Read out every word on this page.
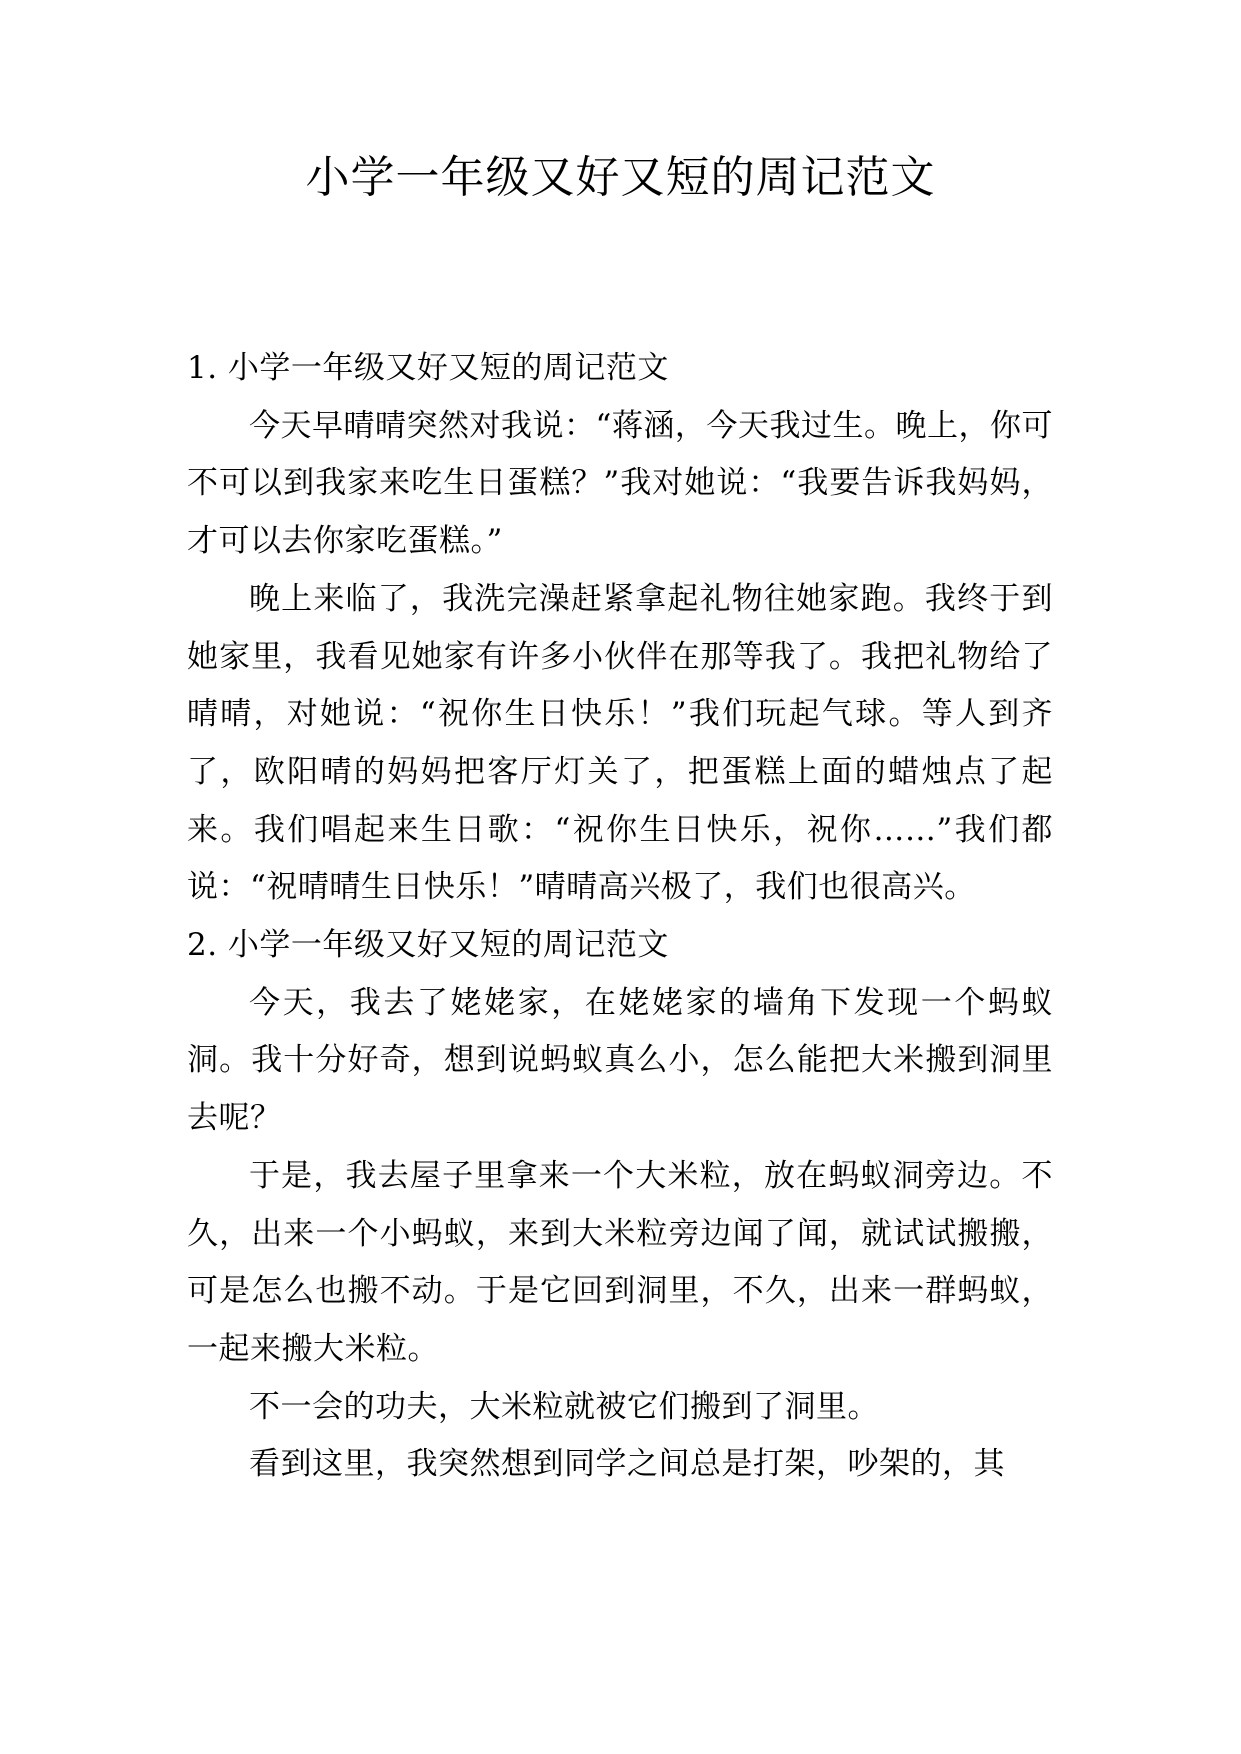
小学一年级又好又短的周记范文

1. 小学一年级又好又短的周记范文

今天早晴晴突然对我说：“蒋涵，今天我过生。晚上，你可不可以到我家来吃生日蛋糕？”我对她说：“我要告诉我妈妈，才可以去你家吃蛋糕。”

晚上来临了，我洗完澡赶紧拿起礼物往她家跑。我终于到她家里，我看见她家有许多小伙伴在那等我了。我把礼物给了晴晴，对她说：“祝你生日快乐！”我们玩起气球。等人到齐了，欧阳晴的妈妈把客厅灯关了，把蛋糕上面的蜡烛点了起来。我们唱起来生日歌：“祝你生日快乐，祝你……”我们都说：“祝晴晴生日快乐！”晴晴高兴极了，我们也很高兴。

2. 小学一年级又好又短的周记范文

今天，我去了姥姥家，在姥姥家的墙角下发现一个蚂蚁洞。我十分好奇，想到说蚂蚁真么小，怎么能把大米搬到洞里去呢？

于是，我去屋子里拿来一个大米粒，放在蚂蚁洞旁边。不久，出来一个小蚂蚁，来到大米粒旁边闻了闻，就试试搬搬，可是怎么也搬不动。于是它回到洞里，不久，出来一群蚂蚁，一起来搬大米粒。

不一会的功夫，大米粒就被它们搬到了洞里。

看到这里，我突然想到同学之间总是打架，吵架的，其
